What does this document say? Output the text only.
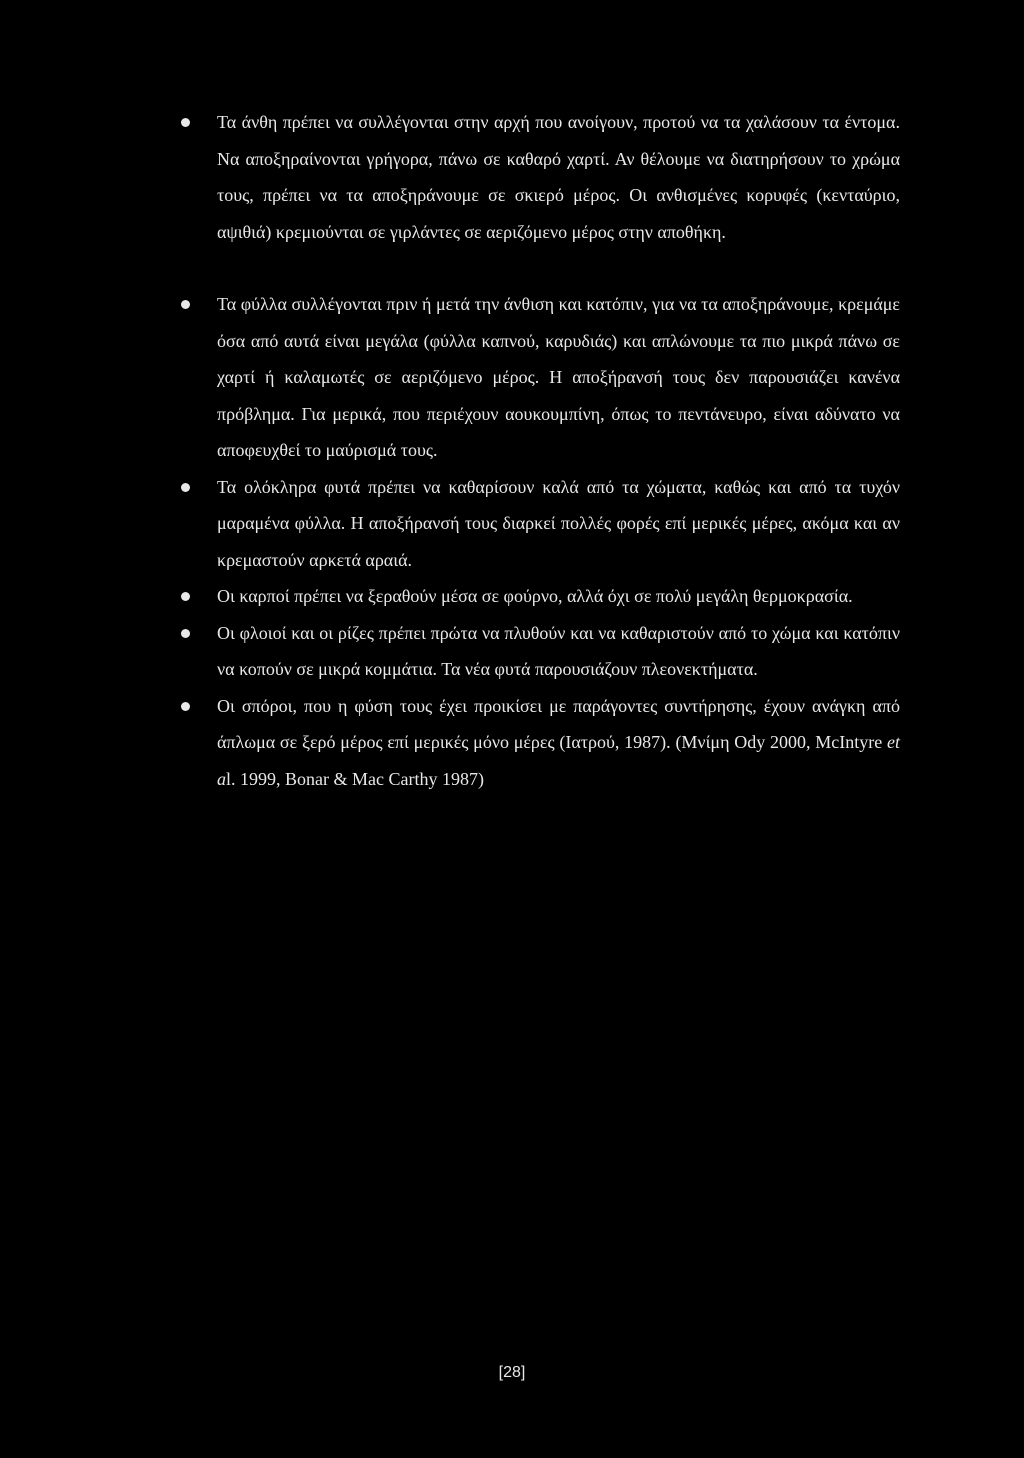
Τα άνθη πρέπει να συλλέγονται στην αρχή που ανοίγουν, προτού να τα χαλάσουν τα έντομα. Να αποξηραίνονται γρήγορα, πάνω σε καθαρό χαρτί. Αν θέλουμε να διατηρήσουν το χρώμα τους, πρέπει να τα αποξηράνουμε σε σκιερό μέρος. Οι ανθισμένες κορυφές (κενταύριο, αψιθιά) κρεμιούνται σε γιρλάντες σε αεριζόμενο μέρος στην αποθήκη.
Τα φύλλα συλλέγονται πριν ή μετά την άνθιση και κατόπιν, για να τα αποξηράνουμε, κρεμάμε όσα από αυτά είναι μεγάλα (φύλλα καπνού, καρυδιάς) και απλώνουμε τα πιο μικρά πάνω σε χαρτί ή καλαμωτές σε αεριζόμενο μέρος. Η αποξήρανσή τους δεν παρουσιάζει κανένα πρόβλημα. Για μερικά, που περιέχουν αουκουμπίνη, όπως το πεντάνευρο, είναι αδύνατο να αποφευχθεί το μαύρισμά τους.
Τα ολόκληρα φυτά πρέπει να καθαρίσουν καλά από τα χώματα, καθώς και από τα τυχόν μαραμένα φύλλα. Η αποξήρανσή τους διαρκεί πολλές φορές επί μερικές μέρες, ακόμα και αν κρεμαστούν αρκετά αραιά.
Οι καρποί πρέπει να ξεραθούν μέσα σε φούρνο, αλλά όχι σε πολύ μεγάλη θερμοκρασία.
Οι φλοιοί και οι ρίζες πρέπει πρώτα να πλυθούν και να καθαριστούν από το χώμα και κατόπιν να κοπούν σε μικρά κομμάτια. Τα νέα φυτά παρουσιάζουν πλεονεκτήματα.
Οι σπόροι, που η φύση τους έχει προικίσει με παράγοντες συντήρησης, έχουν ανάγκη από άπλωμα σε ξερό μέρος επί μερικές μόνο μέρες (Ιατρού, 1987). (Μνίμη Ody 2000, McIntyre et al. 1999, Bonar & Mac Carthy 1987)
[28]
